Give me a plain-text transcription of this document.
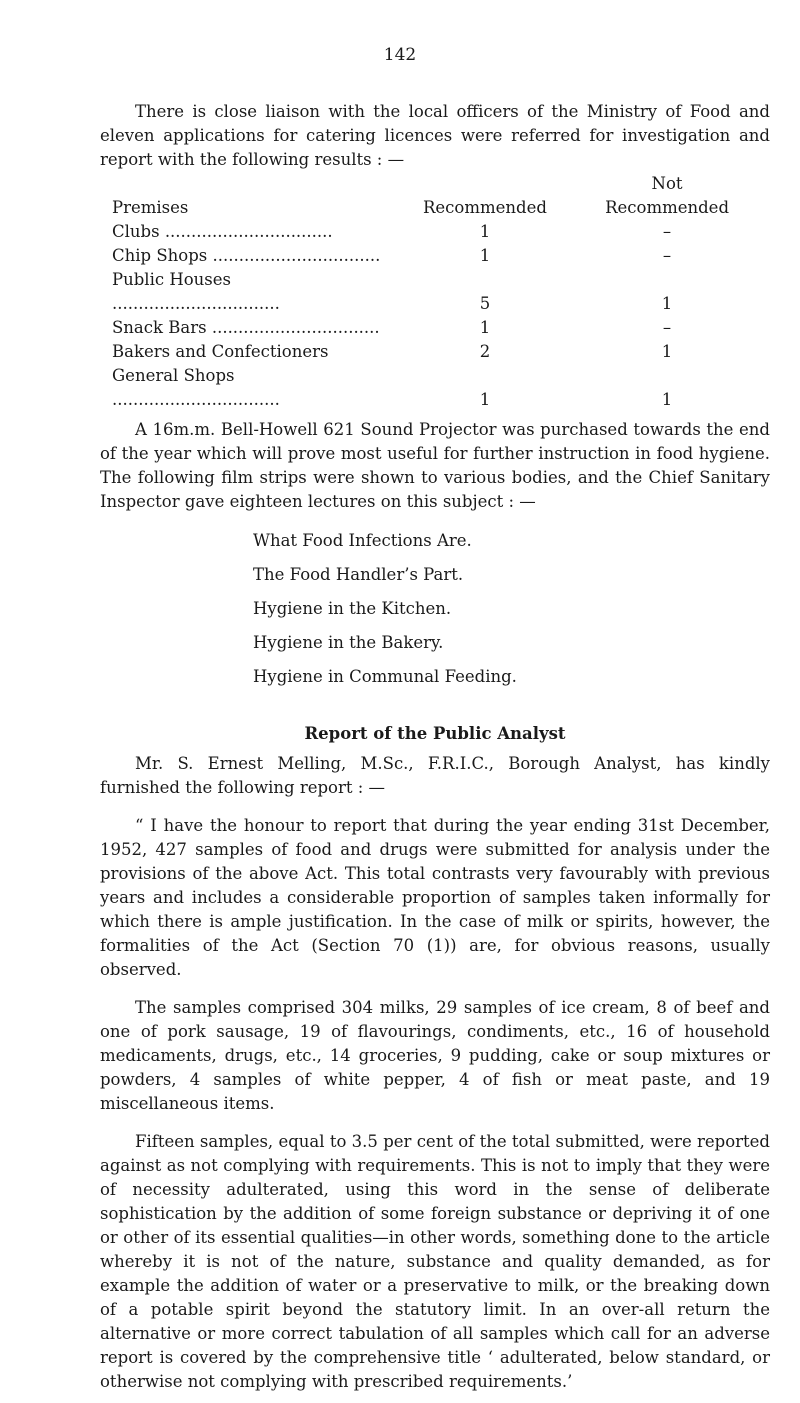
142

There is close liaison with the local officers of the Ministry of Food and eleven applications for catering licences were referred for investigation and report with the following results : —

		Not
Premises	Recommended	Recommended
Clubs ................................	1	–
Chip Shops ................................	1	–
Public Houses ................................	5	1
Snack Bars ................................	1	–
Bakers and Confectioners	2	1
General Shops ................................	1	1

A 16m.m. Bell-Howell 621 Sound Projector was purchased towards the end of the year which will prove most useful for further instruction in food hygiene. The following film strips were shown to various bodies, and the Chief Sanitary Inspector gave eighteen lectures on this subject : —

What Food Infections Are.
The Food Handler’s Part.
Hygiene in the Kitchen.
Hygiene in the Bakery.
Hygiene in Communal Feeding.
Report of the Public Analyst

Mr. S. Ernest Melling, M.Sc., F.R.I.C., Borough Analyst, has kindly furnished the following report : —

“ I have the honour to report that during the year ending 31st December, 1952, 427 samples of food and drugs were submitted for analysis under the provisions of the above Act. This total contrasts very favourably with previous years and includes a considerable proportion of samples taken informally for which there is ample justification. In the case of milk or spirits, however, the formalities of the Act (Section 70 (1)) are, for obvious reasons, usually observed.

The samples comprised 304 milks, 29 samples of ice cream, 8 of beef and one of pork sausage, 19 of flavourings, condiments, etc., 16 of household medicaments, drugs, etc., 14 groceries, 9 pudding, cake or soup mixtures or powders, 4 samples of white pepper, 4 of fish or meat paste, and 19 miscellaneous items.

Fifteen samples, equal to 3.5 per cent of the total submitted, were reported against as not complying with requirements. This is not to imply that they were of necessity adulterated, using this word in the sense of deliberate sophistication by the addition of some foreign substance or depriving it of one or other of its essential qualities—in other words, something done to the article whereby it is not of the nature, substance and quality demanded, as for example the addition of water or a preservative to milk, or the breaking down of a potable spirit beyond the statutory limit. In an over-all return the alternative or more correct tabulation of all samples which call for an adverse report is covered by the comprehensive title ‘ adulterated, below standard, or otherwise not complying with prescribed requirements.’
